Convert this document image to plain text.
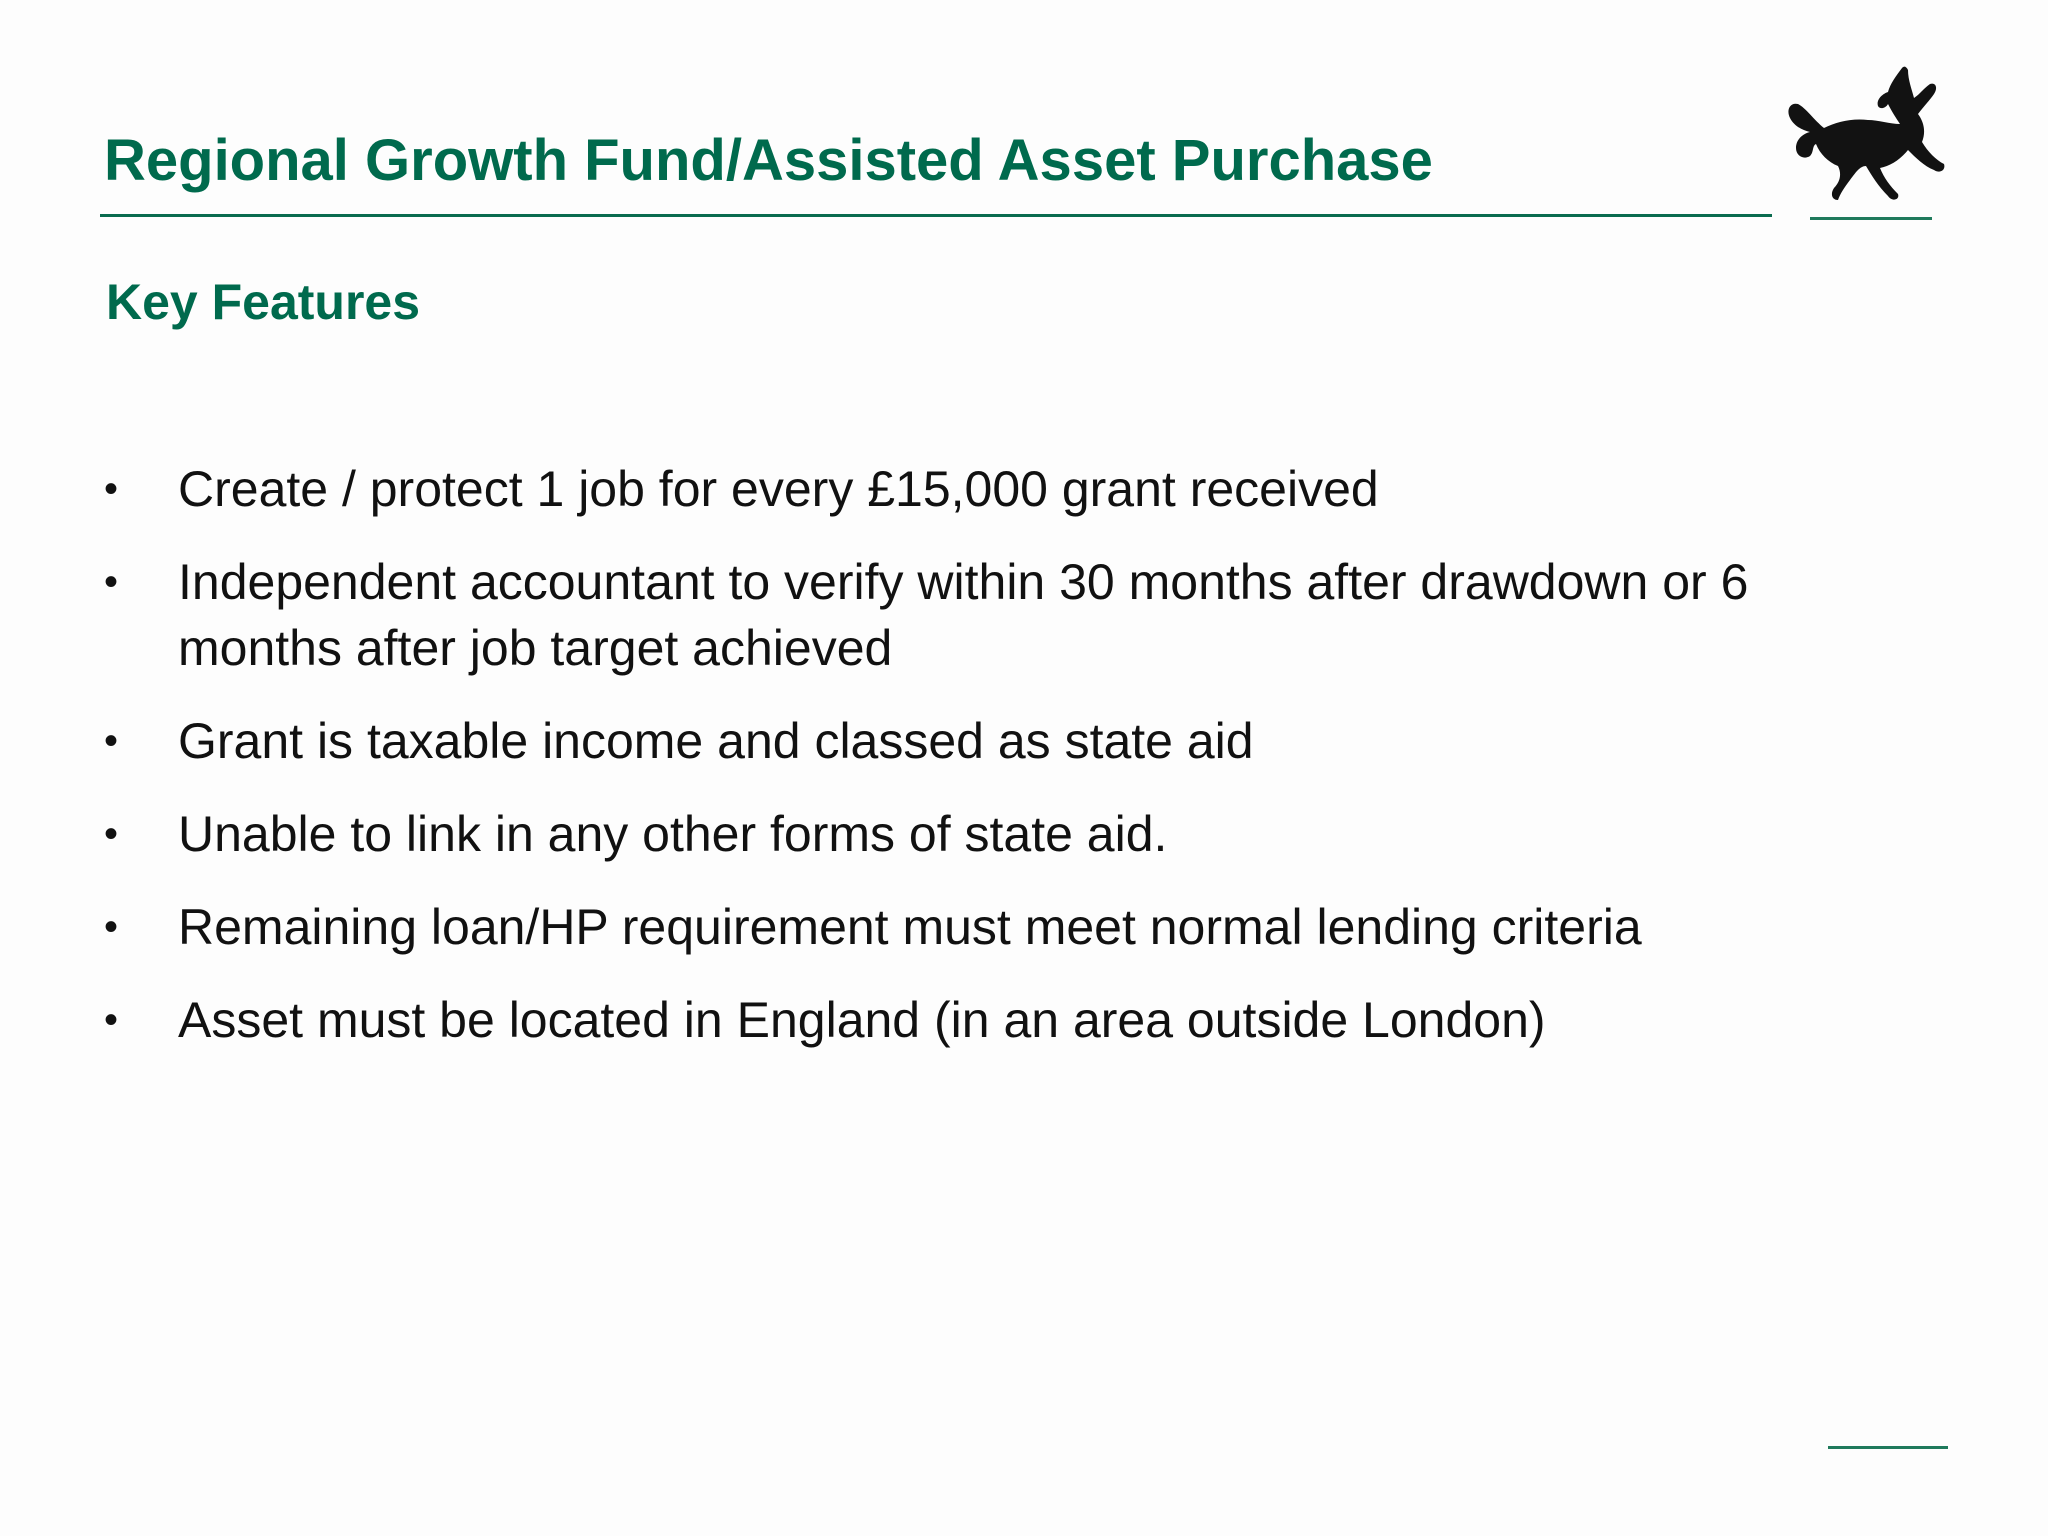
Regional Growth Fund/Assisted Asset Purchase
Key Features
• Create / protect 1 job for every £15,000 grant received
• Independent accountant to verify within 30 months after drawdown or 6 months after job target achieved
• Grant is taxable income and classed as state aid
• Unable to link in any other forms of state aid.
• Remaining loan/HP requirement must meet normal lending criteria
• Asset must be located in England (in an area outside London)
